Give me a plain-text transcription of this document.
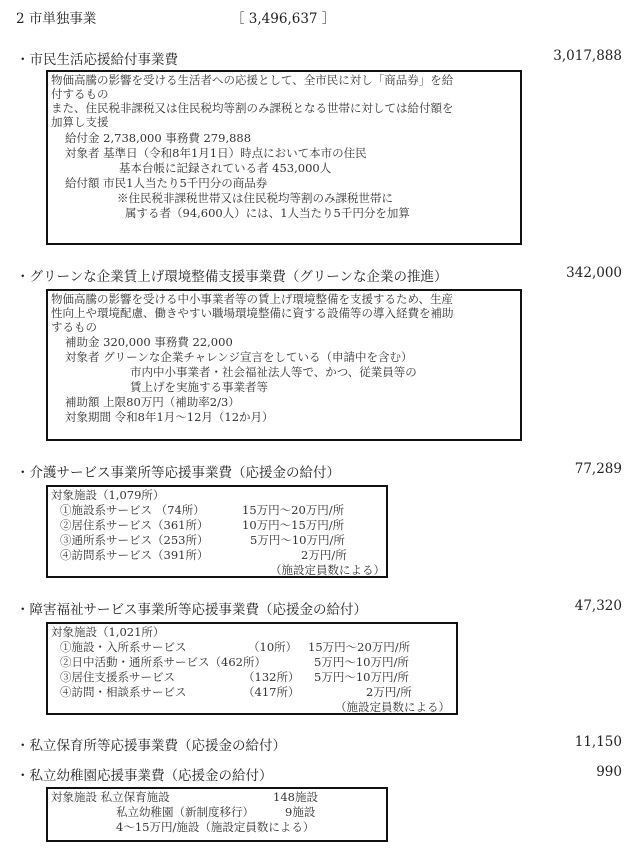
2 市単独事業	［ 3,496,637 ］
・市民生活応援給付事業費	3,017,888
物価高騰の影響を受ける生活者への応援として、全市民に対し「商品券」を給
付するもの
また、住民税非課税又は住民税均等割のみ課税となる世帯に対しては給付額を
加算し支援
給付金 2,738,000 事務費 279,888
対象者 基準日（令和8年1月1日）時点において本市の住民
基本台帳に記録されている者 453,000人
給付額 市民1人当たり5千円分の商品券
※住民税非課税世帯又は住民税均等割のみ課税世帯に
属する者（94,600人）には、1人当たり5千円分を加算
・グリーンな企業賃上げ環境整備支援事業費（グリーンな企業の推進）	342,000
物価高騰の影響を受ける中小事業者等の賃上げ環境整備を支援するため、生産
性向上や環境配慮、働きやすい職場環境整備に資する設備等の導入経費を補助
するもの
補助金 320,000 事務費 22,000
対象者 グリーンな企業チャレンジ宣言をしている（申請中を含む）
市内中小事業者・社会福祉法人等で、かつ、従業員等の
賃上げを実施する事業者等
補助額 上限80万円（補助率2/3）
対象期間 令和8年1月～12月（12か月）
・介護サービス事業所等応援事業費（応援金の給付）	77,289
対象施設（1,079所）
①施設系サービス （74所）	15万円～20万円/所
②居住系サービス（361所）	10万円～15万円/所
③通所系サービス（253所）	5万円～10万円/所
④訪問系サービス（391所）	2万円/所
（施設定員数による）
・障害福祉サービス事業所等応援事業費（応援金の給付）	47,320
対象施設（1,021所）
①施設・入所系サービス	（10所） 15万円～20万円/所
②日中活動・通所系サービス（462所）	5万円～10万円/所
③居住支援系サービス	（132所） 5万円～10万円/所
④訪問・相談系サービス	（417所）	2万円/所
（施設定員数による）
・私立保育所等応援事業費（応援金の給付）	11,150
・私立幼稚園応援事業費（応援金の給付）	990
対象施設 私立保育施設	148施設
私立幼稚園（新制度移行）	9施設
4～15万円/施設（施設定員数による）
